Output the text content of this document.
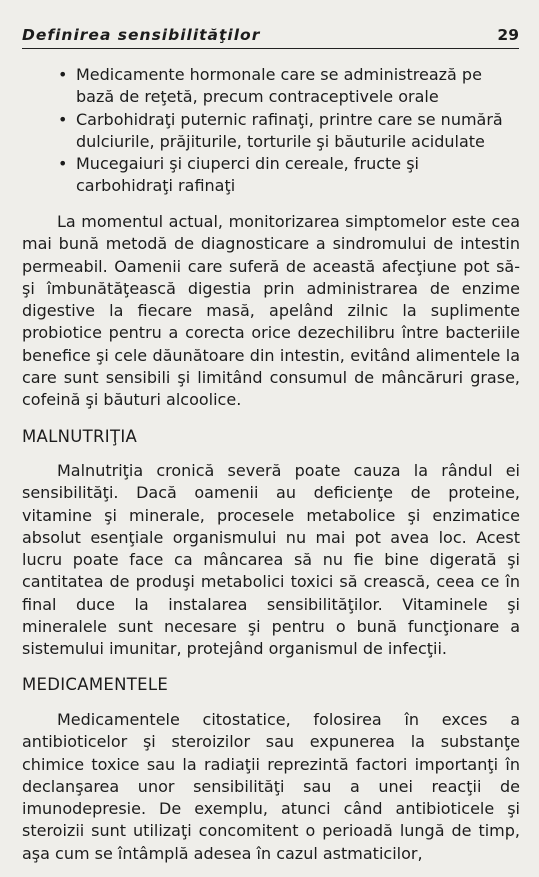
Definirea sensibilităţilor	29
• Medicamente hormonale care se administrează pe bază de reţetă, precum contraceptivele orale
• Carbohidraţi puternic rafinaţi, printre care se numără dulciurile, prăjiturile, torturile şi băuturile acidulate
• Mucegaiuri şi ciuperci din cereale, fructe şi carbohidraţi rafinaţi

La momentul actual, monitorizarea simptomelor este cea mai bună metodă de diagnosticare a sindromului de intestin permeabil. Oamenii care suferă de această afecţiune pot să-şi îmbunătăţească digestia prin administrarea de enzime digestive la fiecare masă, apelând zilnic la suplimente probiotice pentru a corecta orice dezechilibru între bacteriile benefice şi cele dăunătoare din intestin, evitând alimentele la care sunt sensibili şi limitând consumul de mâncăruri grase, cofeină şi băuturi alcoolice.

MALNUTRIŢIA

Malnutriţia cronică severă poate cauza la rândul ei sensibilităţi. Dacă oamenii au deficienţe de proteine, vitamine şi minerale, procesele metabolice şi enzimatice absolut esenţiale organismului nu mai pot avea loc. Acest lucru poate face ca mâncarea să nu fie bine digerată şi cantitatea de produşi metabolici toxici să crească, ceea ce în final duce la instalarea sensibilităţilor. Vitaminele şi mineralele sunt necesare şi pentru o bună funcţionare a sistemului imunitar, protejând organismul de infecţii.

MEDICAMENTELE

Medicamentele citostatice, folosirea în exces a antibioticelor şi steroizilor sau expunerea la substanţe chimice toxice sau la radiaţii reprezintă factori importanţi în declanşarea unor sensibilităţi sau a unei reacţii de imunodepresie. De exemplu, atunci când antibioticele şi steroizii sunt utilizaţi concomitent o perioadă lungă de timp, aşa cum se întâmplă adesea în cazul astmaticilor,
